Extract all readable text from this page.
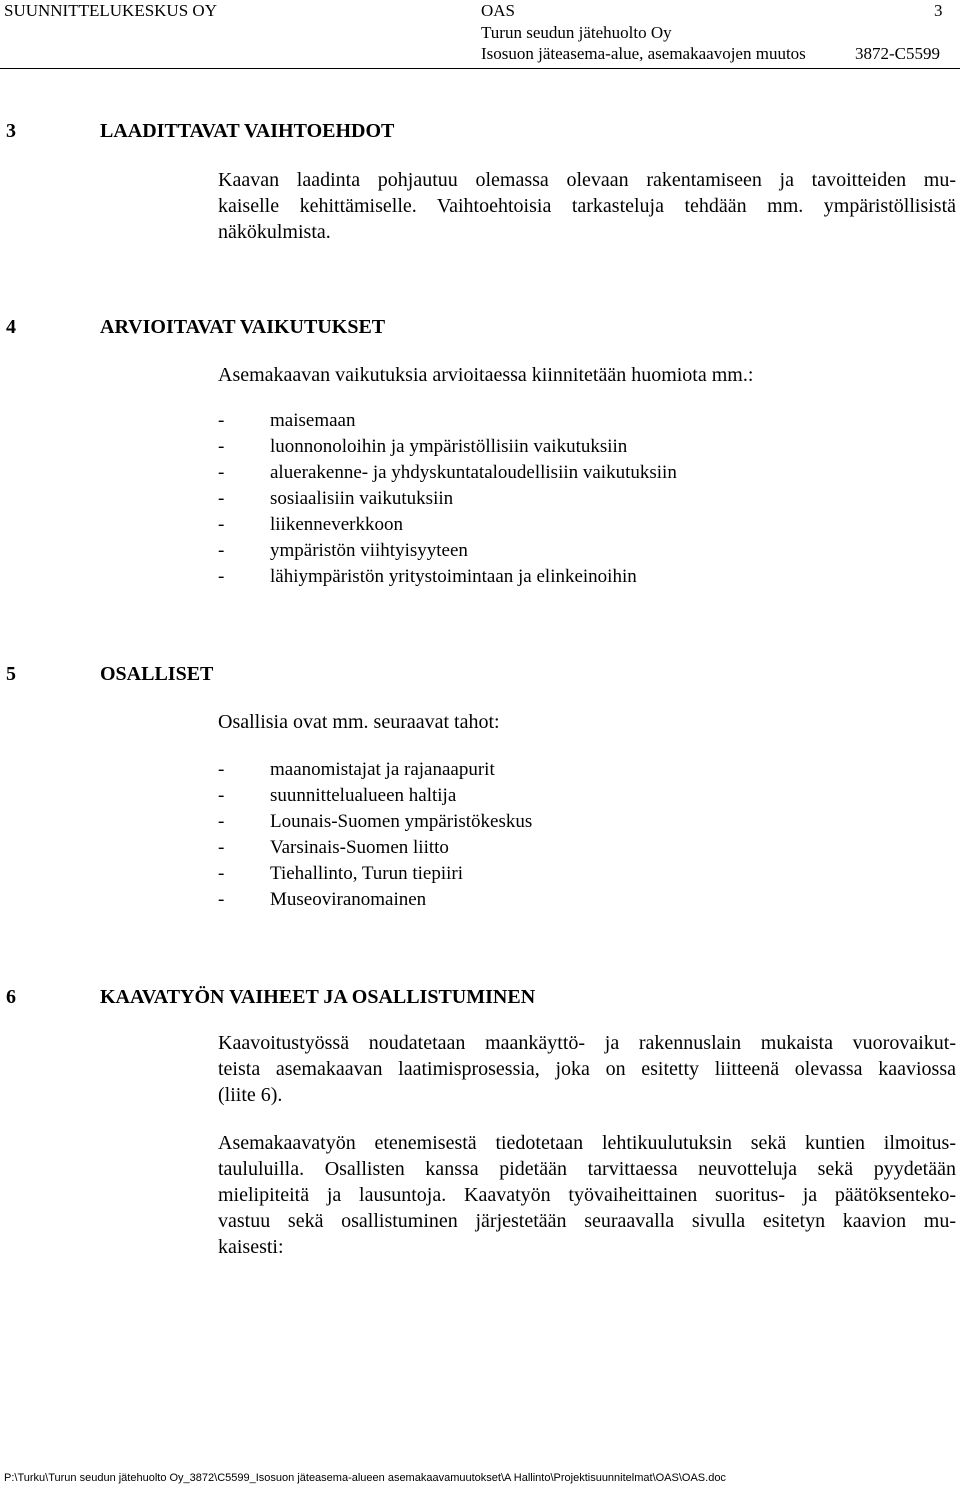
SUUNNITTELUKESKUS OY	OAS	3
Turun seudun jätehuolto Oy
Isosuon jäteasema-alue, asemakaavojen muutos	3872-C5599
3	LAADITTAVAT VAIHTOEHDOT
Kaavan laadinta pohjautuu olemassa olevaan rakentamiseen ja tavoitteiden mu-
kaiselle kehittämiselle. Vaihtoehtoisia tarkasteluja tehdään mm. ympäristöllisistä
näkökulmista.
4	ARVIOITAVAT VAIKUTUKSET
Asemakaavan vaikutuksia arvioitaessa kiinnitetään huomiota mm.:
- maisemaan
- luonnonoloihin ja ympäristöllisiin vaikutuksiin
- aluerakenne- ja yhdyskuntataloudellisiin vaikutuksiin
- sosiaalisiin vaikutuksiin
- liikenneverkkoon
- ympäristön viihtyisyyteen
- lähiympäristön yritystoimintaan ja elinkeinoihin
5	OSALLISET
Osallisia ovat mm. seuraavat tahot:
- maanomistajat ja rajanaapurit
- suunnittelualueen haltija
- Lounais-Suomen ympäristökeskus
- Varsinais-Suomen liitto
- Tiehallinto, Turun tiepiiri
- Museoviranomainen
6	KAAVATYÖN VAIHEET JA OSALLISTUMINEN
Kaavoitustyössä noudatetaan maankäyttö- ja rakennuslain mukaista vuorovaikut-
teista asemakaavan laatimisprosessia, joka on esitetty liitteenä olevassa kaaviossa
(liite 6).
Asemakaavatyön etenemisestä tiedotetaan lehtikuulutuksin sekä kuntien ilmoitus-
taululuilla. Osallisten kanssa pidetään tarvittaessa neuvotteluja sekä pyydetään
mielipiteitä ja lausuntoja. Kaavatyön työvaiheittainen suoritus- ja päätöksenteko-
vastuu sekä osallistuminen järjestetään seuraavalla sivulla esitetyn kaavion mu-
kaisesti:
P:\Turku\Turun seudun jätehuolto Oy_3872\C5599_Isosuon jäteasema-alueen asemakaavamuutokset\A Hallinto\Projektisuunnitelmat\OAS\OAS.doc
